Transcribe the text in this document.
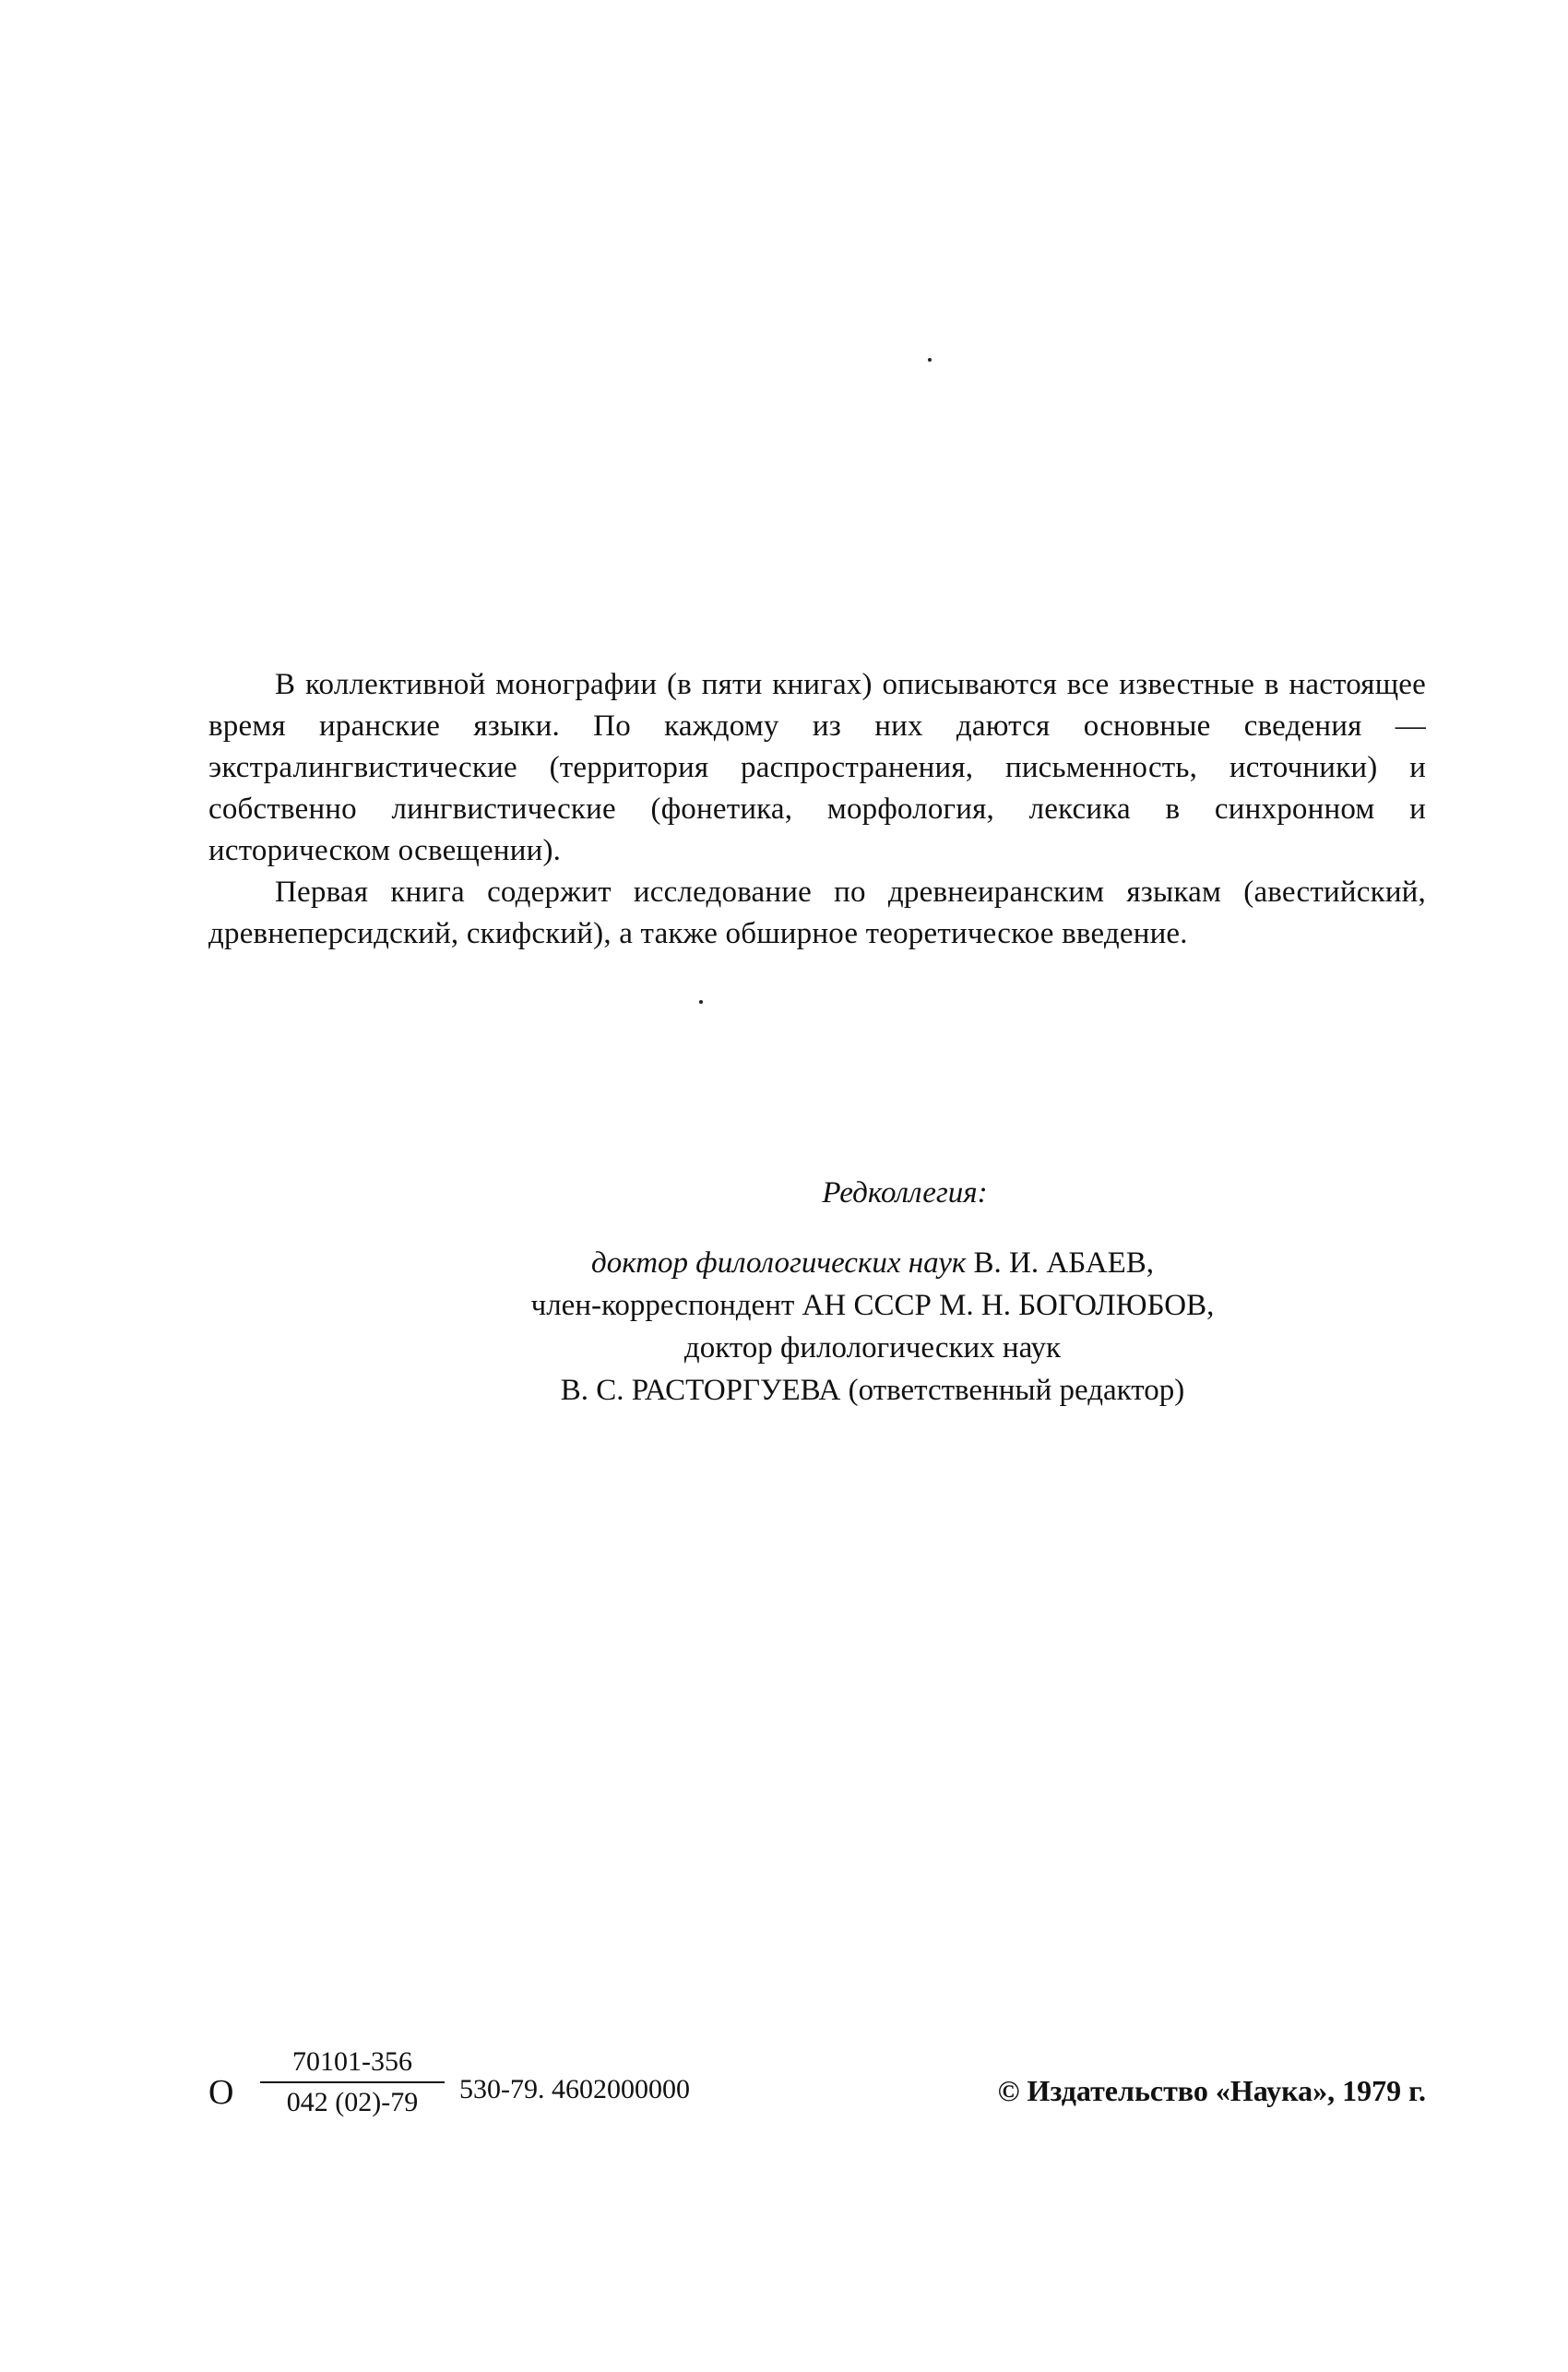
В коллективной монографии (в пяти книгах) описываются все известные в настоящее время иранские языки. По каждому из них даются основные сведения — экстралингвистические (территория распространения, письменность, источники) и собственно лингвистические (фонетика, морфология, лексика в синхронном и историческом освещении).

Первая книга содержит исследование по древнеиранским языкам (авестийский, древнеперсидский, скифский), а также обширное теоретическое введение.

Редколлегия:
доктор филологических наук В. И. АБАЕВ,
член-корреспондент АН СССР М. Н. БОГОЛЮБОВ,
доктор филологических наук
В. С. РАСТОРГУЕВА (ответственный редактор)
О $\frac{70101-356}{042 (02)-79} 530-79$. 4602000000	© Издательство «Наука», 1979 г.
